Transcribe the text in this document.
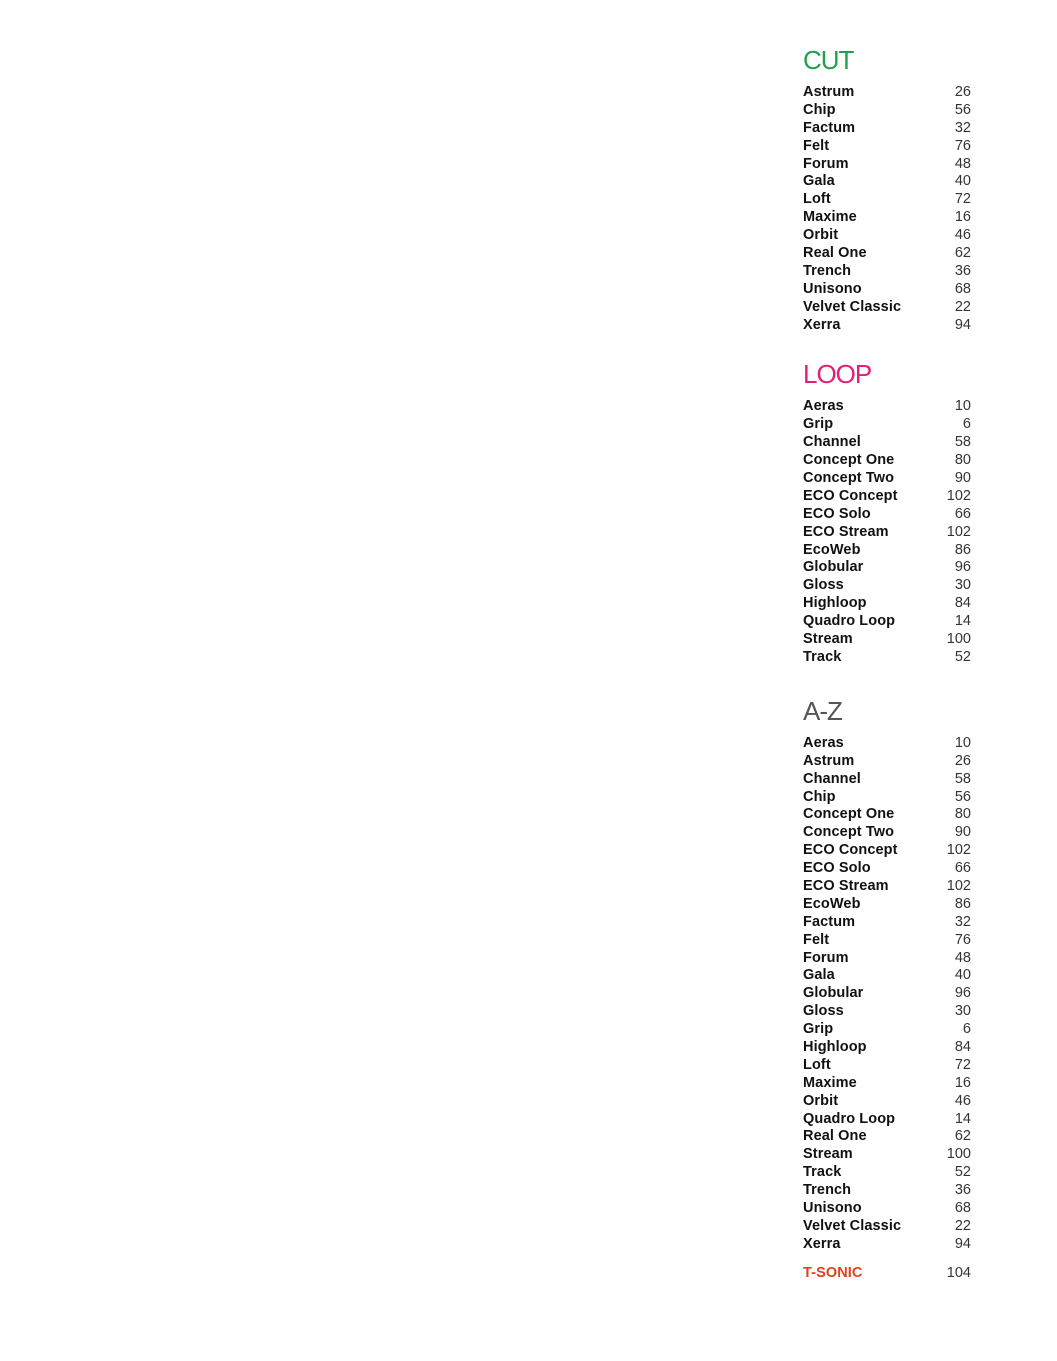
CUT
Astrum	26
Chip	56
Factum	32
Felt	76
Forum	48
Gala	40
Loft	72
Maxime	16
Orbit	46
Real One	62
Trench	36
Unisono	68
Velvet Classic	22
Xerra	94
LOOP
Aeras	10
Grip	6
Channel	58
Concept One	80
Concept Two	90
ECO Concept	102
ECO Solo	66
ECO Stream	102
EcoWeb	86
Globular	96
Gloss	30
Highloop	84
Quadro Loop	14
Stream	100
Track	52
A-Z
Aeras	10
Astrum	26
Channel	58
Chip	56
Concept One	80
Concept Two	90
ECO Concept	102
ECO Solo	66
ECO Stream	102
EcoWeb	86
Factum	32
Felt	76
Forum	48
Gala	40
Globular	96
Gloss	30
Grip	6
Highloop	84
Loft	72
Maxime	16
Orbit	46
Quadro Loop	14
Real One	62
Stream	100
Track	52
Trench	36
Unisono	68
Velvet Classic	22
Xerra	94
T-SONIC	104
